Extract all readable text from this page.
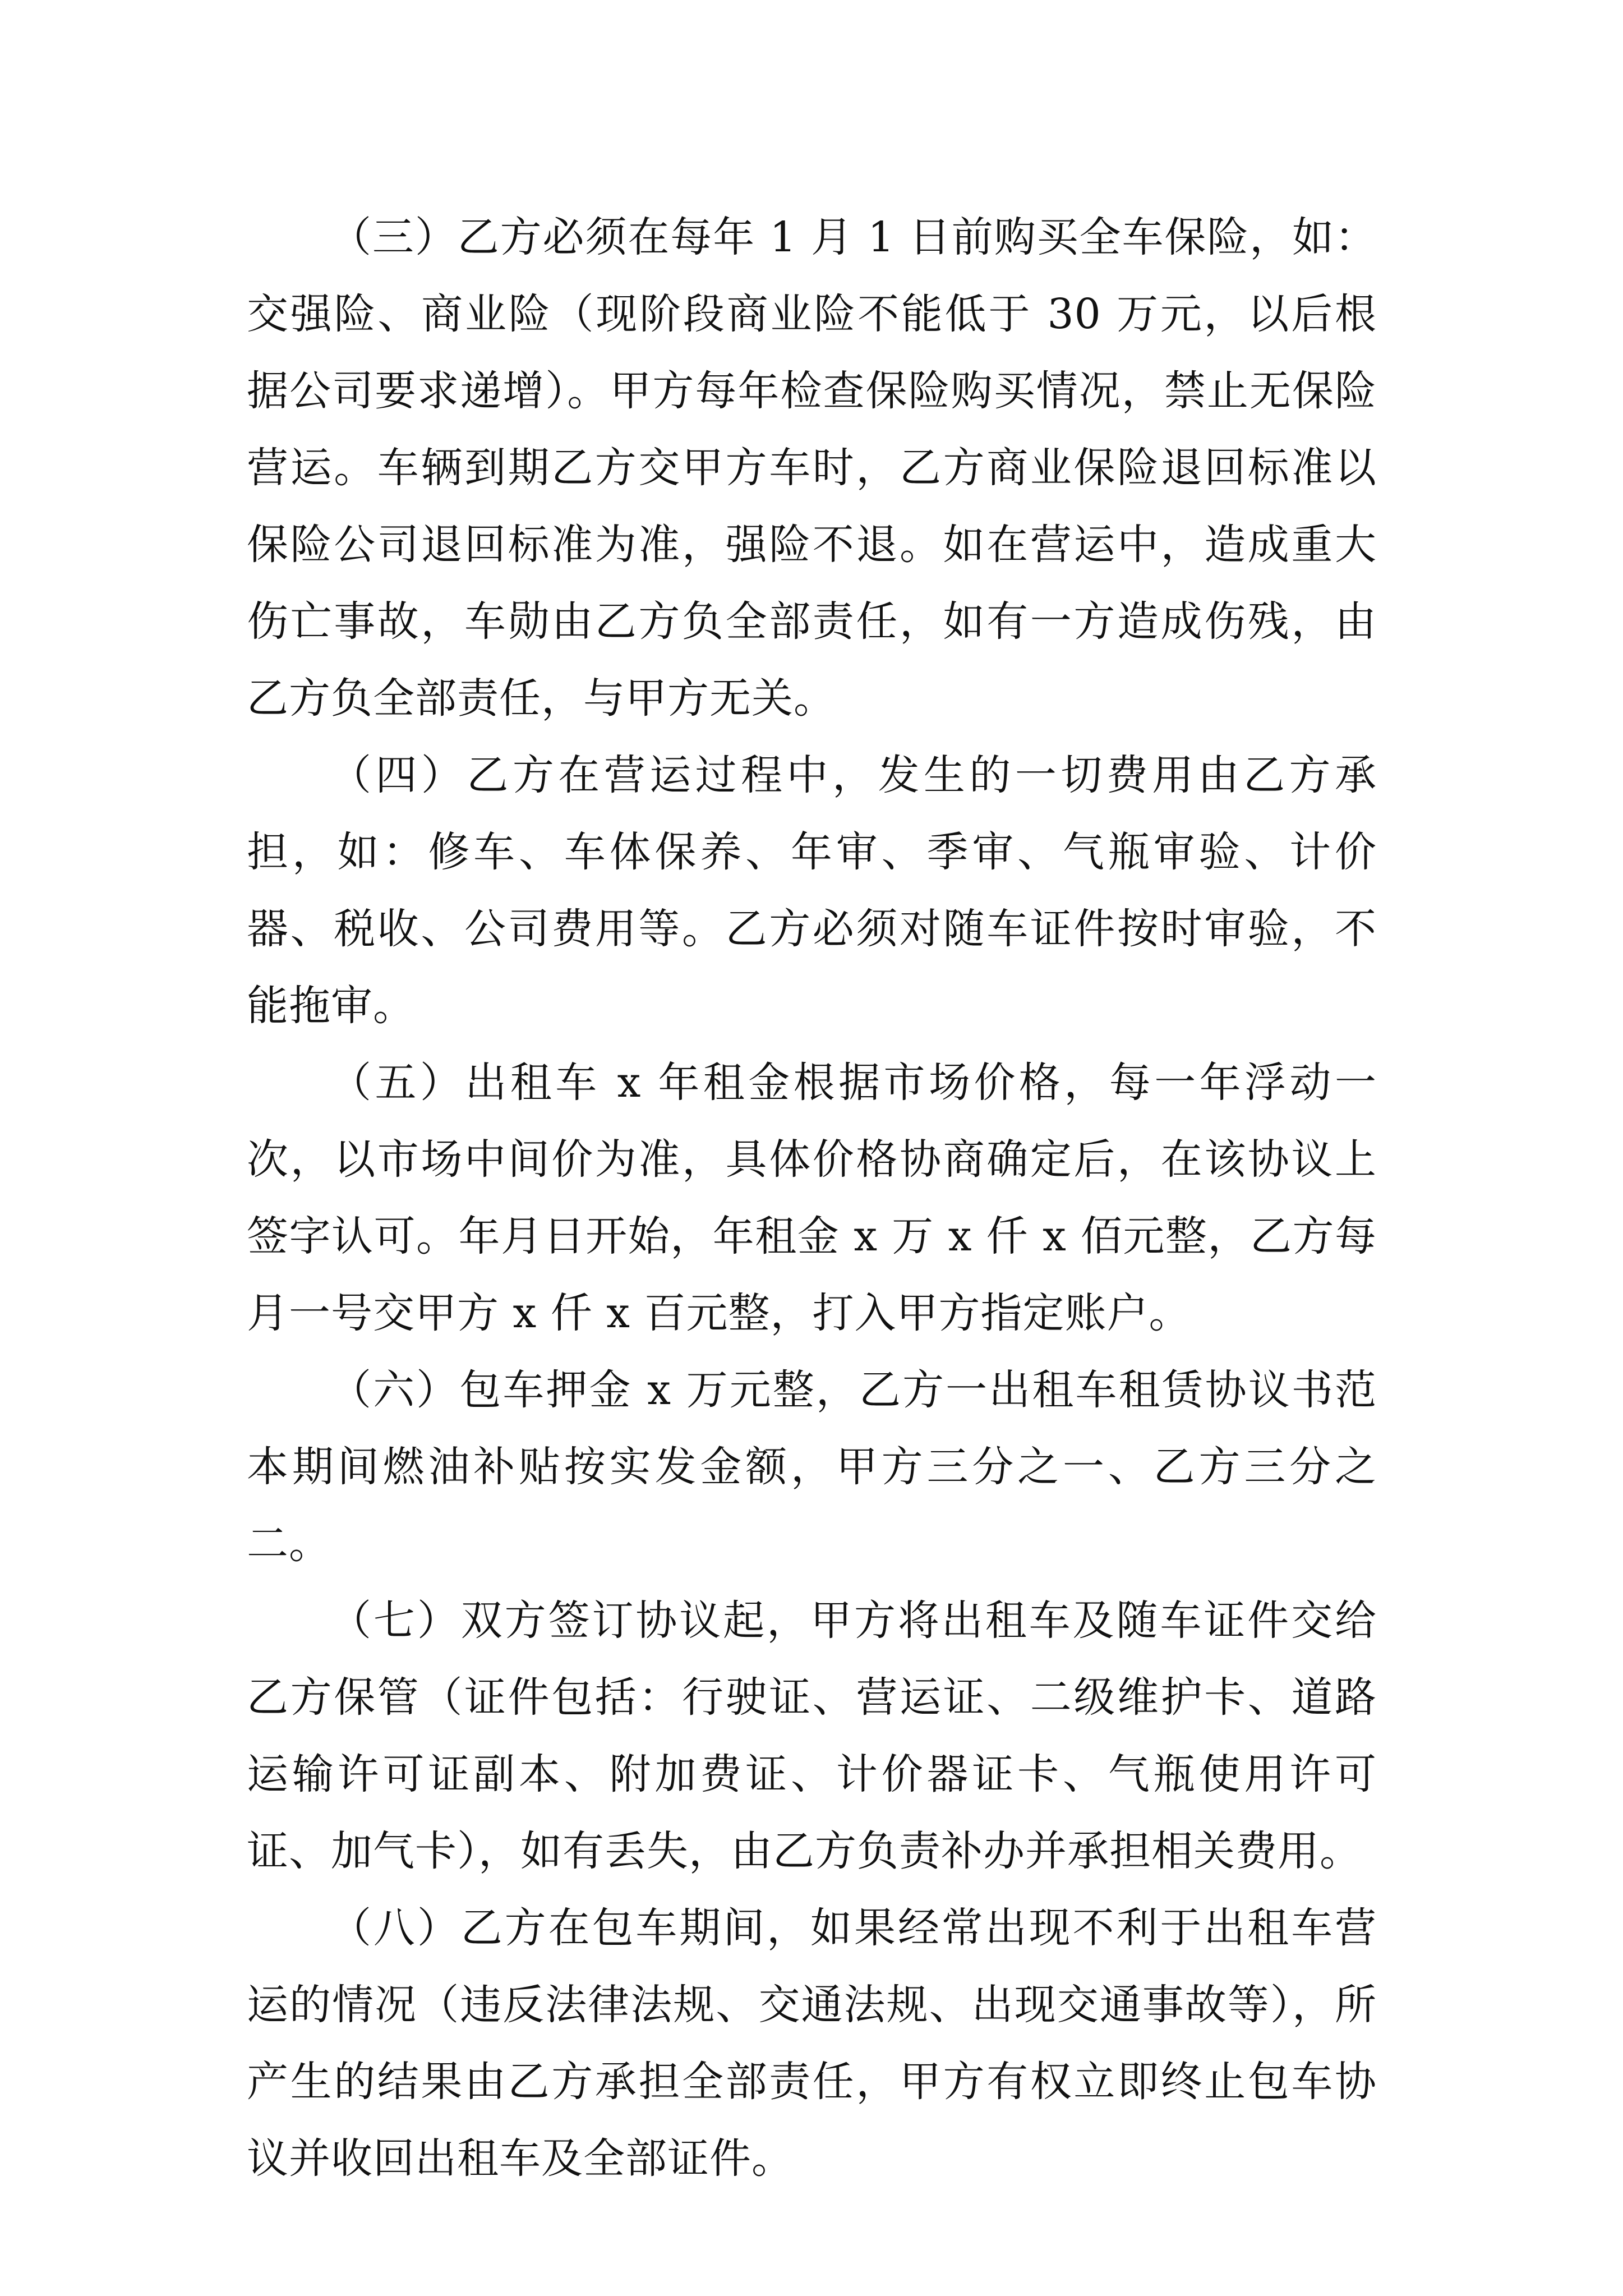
（三）乙方必须在每年 1 月 1 日前购买全车保险，如：交强险、商业险（现阶段商业险不能低于 30 万元，以后根据公司要求递增）。甲方每年检查保险购买情况，禁止无保险营运。车辆到期乙方交甲方车时，乙方商业保险退回标准以保险公司退回标准为准，强险不退。如在营运中，造成重大伤亡事故，车勋由乙方负全部责任，如有一方造成伤残，由乙方负全部责任，与甲方无关。

（四）乙方在营运过程中，发生的一切费用由乙方承担，如：修车、车体保养、年审、季审、气瓶审验、计价器、税收、公司费用等。乙方必须对随车证件按时审验，不能拖审。

（五）出租车 x 年租金根据市场价格，每一年浮动一次，以市场中间价为准，具体价格协商确定后，在该协议上签字认可。年月日开始，年租金 x 万 x 仟 x 佰元整，乙方每月一号交甲方 x 仟 x 百元整，打入甲方指定账户。

（六）包车押金 x 万元整，乙方一出租车租赁协议书范本期间燃油补贴按实发金额，甲方三分之一、乙方三分之二。

（七）双方签订协议起，甲方将出租车及随车证件交给乙方保管（证件包括：行驶证、营运证、二级维护卡、道路运输许可证副本、附加费证、计价器证卡、气瓶使用许可证、加气卡），如有丢失，由乙方负责补办并承担相关费用。

（八）乙方在包车期间，如果经常出现不利于出租车营运的情况（违反法律法规、交通法规、出现交通事故等），所产生的结果由乙方承担全部责任，甲方有权立即终止包车协议并收回出租车及全部证件。
